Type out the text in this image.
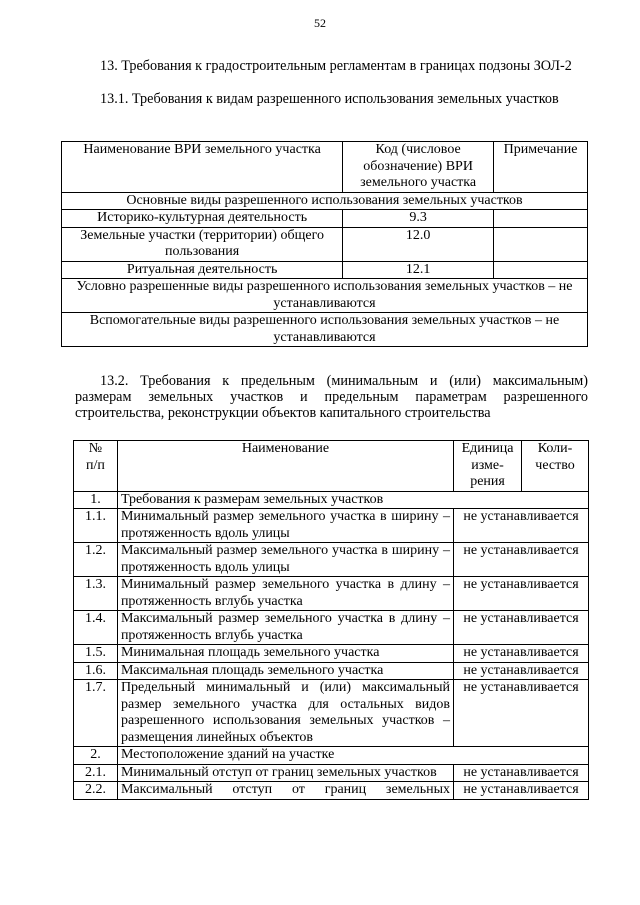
52
13. Требования к градостроительным регламентам в границах подзоны ЗОЛ-2
13.1. Требования к видам разрешенного использования земельных участков
Наименование ВРИ земельного участка	Код (числовое обозначение) ВРИ земельного участка	Примечание
Основные виды разрешенного использования земельных участков		
Историко-культурная деятельность	9.3	
Земельные участки (территории) общего пользования	12.0	
Ритуальная деятельность	12.1	
Условно разрешенные виды разрешенного использования земельных участков – не устанавливаются		
Вспомогательные виды разрешенного использования земельных участков – не устанавливаются		
13.2. Требования к предельным (минимальным и (или) максимальным) размерам земельных участков и предельным параметрам разрешенного строительства, реконструкции объектов капитального строительства
№ п/п	Наименование	Единица изме-рения	Коли-чество
1.	Требования к размерам земельных участков		
1.1.	Минимальный размер земельного участка в ширину – протяженность вдоль улицы	не устанавливается	
1.2.	Максимальный размер земельного участка в ширину – протяженность вдоль улицы	не устанавливается	
1.3.	Минимальный размер земельного участка в длину – протяженность вглубь участка	не устанавливается	
1.4.	Максимальный размер земельного участка в длину – протяженность вглубь участка	не устанавливается	
1.5.	Минимальная площадь земельного участка	не устанавливается	
1.6.	Максимальная площадь земельного участка	не устанавливается	
1.7.	Предельный минимальный и (или) максимальный размер земельного участка для остальных видов разрешенного использования земельных участков – размещения линейных объектов	не устанавливается	
2.	Местоположение зданий на участке		
2.1.	Минимальный отступ от границ земельных участков	не устанавливается	
2.2.	Максимальный отступ от границ земельных	не устанавливается	
